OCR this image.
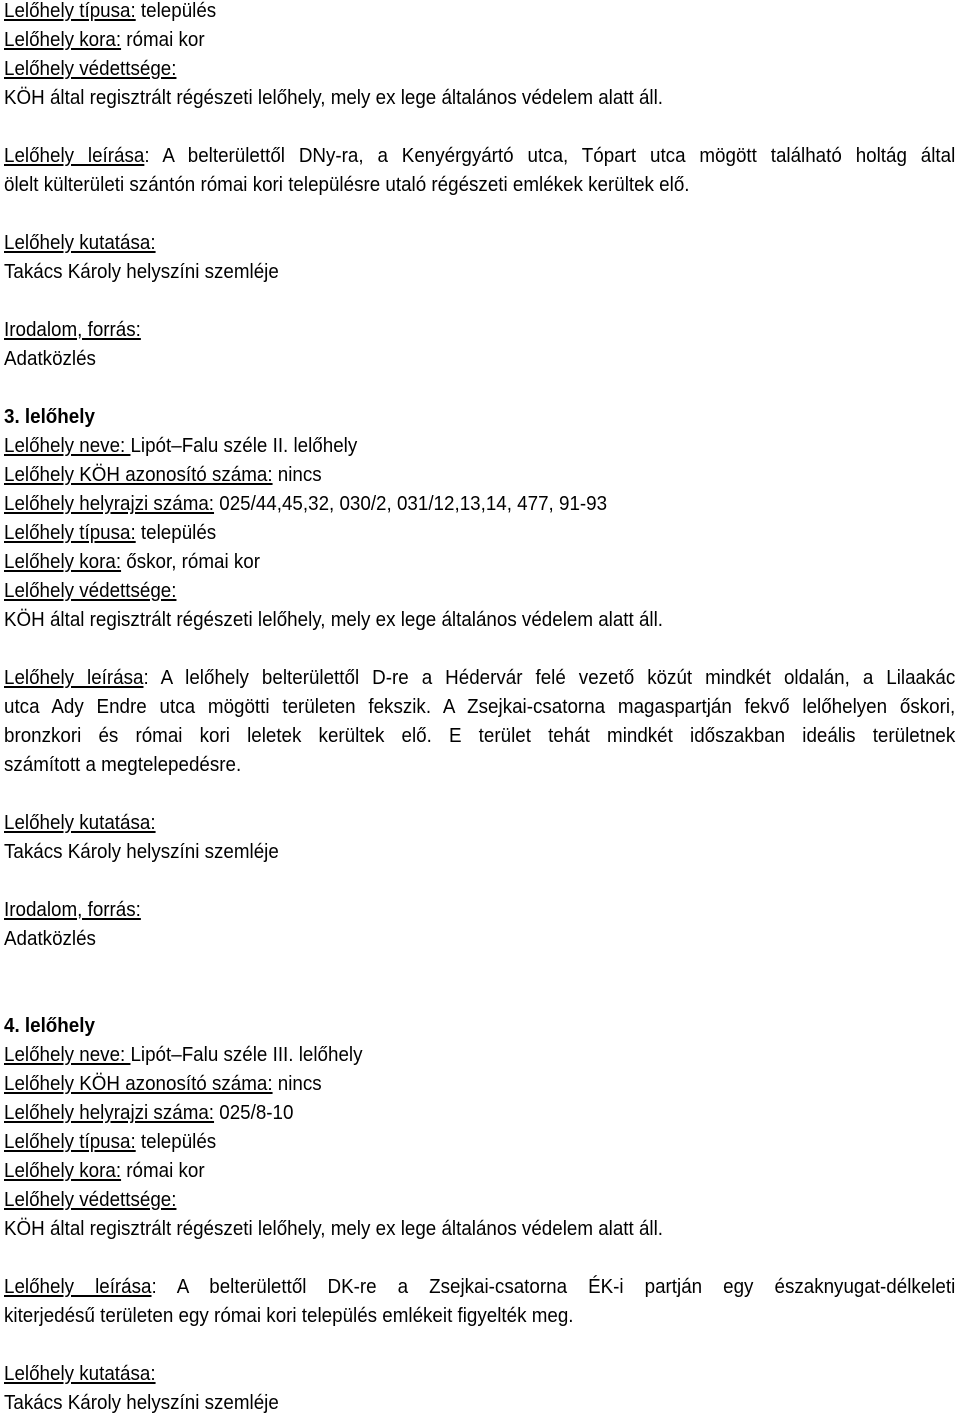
Lelőhely típusa: település
Lelőhely kora: római kor
Lelőhely védettsége:
KÖH által regisztrált régészeti lelőhely, mely ex lege általános védelem alatt áll.
Lelőhely leírása: A belterülettől DNy-ra, a Kenyérgyártó utca, Tópart utca mögött található holtág által
ölelt külterületi szántón római kori településre utaló régészeti emlékek kerültek elő.
Lelőhely kutatása:
Takács Károly helyszíni szemléje
Irodalom, forrás:
Adatközlés
3. lelőhely
Lelőhely neve: Lipót–Falu széle II. lelőhely
Lelőhely KÖH azonosító száma: nincs
Lelőhely helyrajzi száma: 025/44,45,32, 030/2, 031/12,13,14, 477, 91-93
Lelőhely típusa: település
Lelőhely kora: őskor, római kor
Lelőhely védettsége:
KÖH által regisztrált régészeti lelőhely, mely ex lege általános védelem alatt áll.
Lelőhely leírása: A lelőhely belterülettől D-re a Hédervár felé vezető közút mindkét oldalán, a Lilaakác
utca Ady Endre utca mögötti területen fekszik. A Zsejkai-csatorna magaspartján fekvő lelőhelyen őskori,
bronzkori és római kori leletek kerültek elő. E terület tehát mindkét időszakban ideális területnek
számított a megtelepedésre.
Lelőhely kutatása:
Takács Károly helyszíni szemléje
Irodalom, forrás:
Adatközlés
4. lelőhely
Lelőhely neve: Lipót–Falu széle III. lelőhely
Lelőhely KÖH azonosító száma: nincs
Lelőhely helyrajzi száma: 025/8-10
Lelőhely típusa: település
Lelőhely kora: római kor
Lelőhely védettsége:
KÖH által regisztrált régészeti lelőhely, mely ex lege általános védelem alatt áll.
Lelőhely leírása: A belterülettől DK-re a Zsejkai-csatorna ÉK-i partján egy északnyugat-délkeleti
kiterjedésű területen egy római kori település emlékeit figyelték meg.
Lelőhely kutatása:
Takács Károly helyszíni szemléje
